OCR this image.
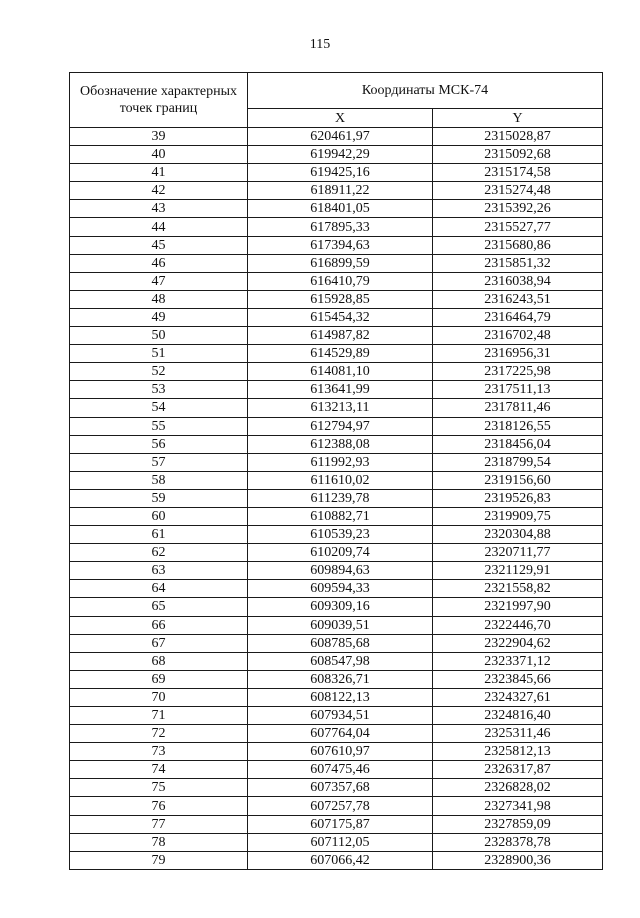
115
Обозначение характерных точек границ	Координаты МСК-74	
	X	Y
39	620461,97	2315028,87
40	619942,29	2315092,68
41	619425,16	2315174,58
42	618911,22	2315274,48
43	618401,05	2315392,26
44	617895,33	2315527,77
45	617394,63	2315680,86
46	616899,59	2315851,32
47	616410,79	2316038,94
48	615928,85	2316243,51
49	615454,32	2316464,79
50	614987,82	2316702,48
51	614529,89	2316956,31
52	614081,10	2317225,98
53	613641,99	2317511,13
54	613213,11	2317811,46
55	612794,97	2318126,55
56	612388,08	2318456,04
57	611992,93	2318799,54
58	611610,02	2319156,60
59	611239,78	2319526,83
60	610882,71	2319909,75
61	610539,23	2320304,88
62	610209,74	2320711,77
63	609894,63	2321129,91
64	609594,33	2321558,82
65	609309,16	2321997,90
66	609039,51	2322446,70
67	608785,68	2322904,62
68	608547,98	2323371,12
69	608326,71	2323845,66
70	608122,13	2324327,61
71	607934,51	2324816,40
72	607764,04	2325311,46
73	607610,97	2325812,13
74	607475,46	2326317,87
75	607357,68	2326828,02
76	607257,78	2327341,98
77	607175,87	2327859,09
78	607112,05	2328378,78
79	607066,42	2328900,36
